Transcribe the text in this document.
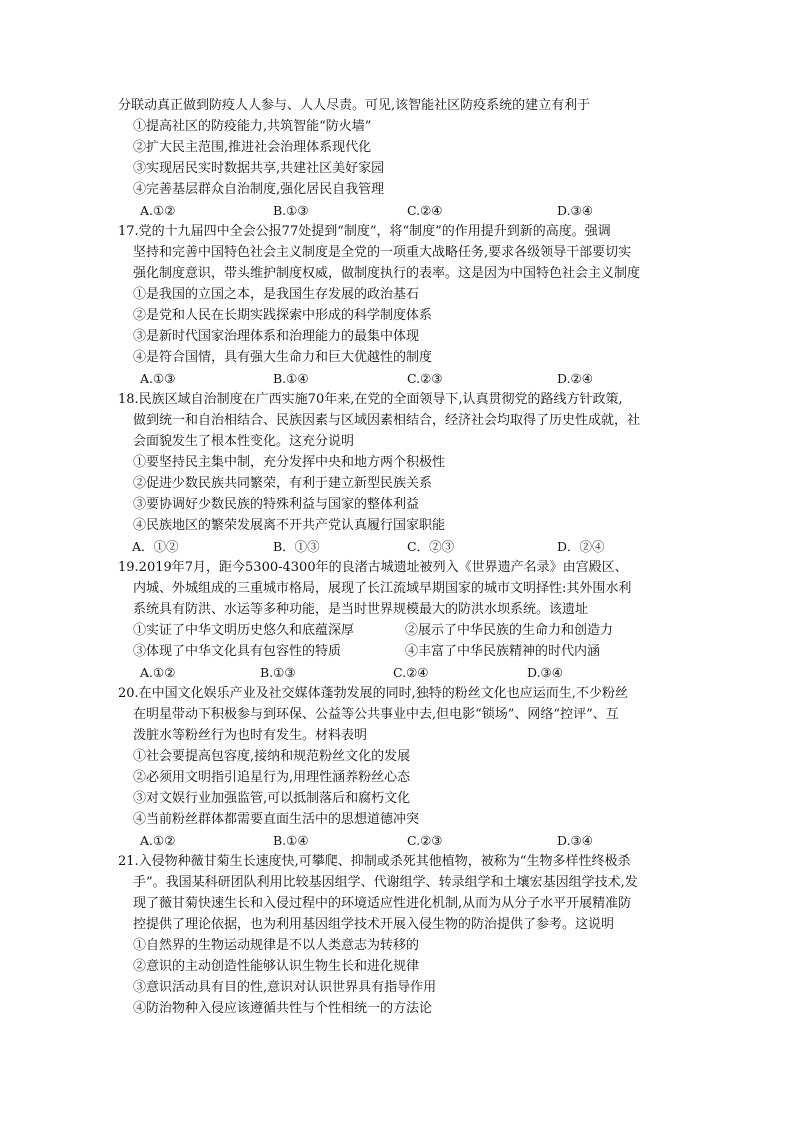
分联动真正做到防疫人人参与、人人尽责。可见,该智能社区防疫系统的建立有利于
①提高社区的防疫能力,共筑智能“防火墙”
②扩大民主范围,推进社会治理体系现代化
③实现居民实时数据共享,共建社区美好家园
④完善基层群众自治制度,强化居民自我管理
A.①②	B.①③	C.②④	D.③④
17.党的十九届四中全会公报77处提到“制度”，将“制度”的作用提升到新的高度。强调
坚持和完善中国特色社会主义制度是全党的一项重大战略任务,要求各级领导干部要切实
强化制度意识，带头维护制度权威，做制度执行的表率。这是因为中国特色社会主义制度
①是我国的立国之本，是我国生存发展的政治基石
②是党和人民在长期实践探索中形成的科学制度体系
③是新时代国家治理体系和治理能力的最集中体现
④是符合国情，具有强大生命力和巨大优越性的制度
A.①③	B.①④	C.②③	D.②④
18.民族区域自治制度在广西实施70年来,在党的全面领导下,认真贯彻党的路线方针政策,
做到统一和自治相结合、民族因素与区域因素相结合，经济社会均取得了历史性成就，社
会面貌发生了根本性变化。这充分说明
①要坚持民主集中制，充分发挥中央和地方两个积极性
②促进少数民族共同繁荣，有利于建立新型民族关系
③要协调好少数民族的特殊利益与国家的整体利益
④民族地区的繁荣发展离不开共产党认真履行国家职能
A．①②	B．①③	C．②③	D．②④
19.2019年7月，距今5300-4300年的良渚古城遗址被列入《世界遗产名录》由宫殿区、
内城、外城组成的三重城市格局，展现了长江流域早期国家的城市文明择性:其外围水利
系统具有防洪、水运等多种功能，是当时世界规模最大的防洪水坝系统。该遗址
①实证了中华文明历史悠久和底蕴深厚	②展示了中华民族的生命力和创造力
③体现了中华文化具有包容性的特质	④丰富了中华民族精神的时代内涵
A.①②	B.①③	C.②④	D.③④
20.在中国文化娱乐产业及社交媒体蓬勃发展的同时,独特的粉丝文化也应运而生,不少粉丝
在明星带动下积极参与到环保、公益等公共事业中去,但电影“锁场”、网络“控评”、互
泼脏水等粉丝行为也时有发生。材料表明
①社会要提高包容度,接纳和规范粉丝文化的发展
②必须用文明指引追星行为,用理性涵养粉丝心态
③对文娱行业加强监管,可以抵制落后和腐朽文化
④当前粉丝群体都需要直面生活中的思想道德冲突
A.①②	B.①④	C.②③	D.③④
21.入侵物种薇甘菊生长速度快,可攀爬、抑制或杀死其他植物，被称为“生物多样性终极杀
手”。我国某科研团队利用比较基因组学、代谢组学、转录组学和土壤宏基因组学技术,发
现了薇甘菊快速生长和入侵过程中的环境适应性进化机制,从而为从分子水平开展精准防
控提供了理论依据，也为利用基因组学技术开展入侵生物的防治提供了参考。这说明
①自然界的生物运动规律是不以人类意志为转移的
②意识的主动创造性能够认识生物生长和进化规律
③意识活动具有目的性,意识对认识世界具有指导作用
④防治物种入侵应该遵循共性与个性相统一的方法论
